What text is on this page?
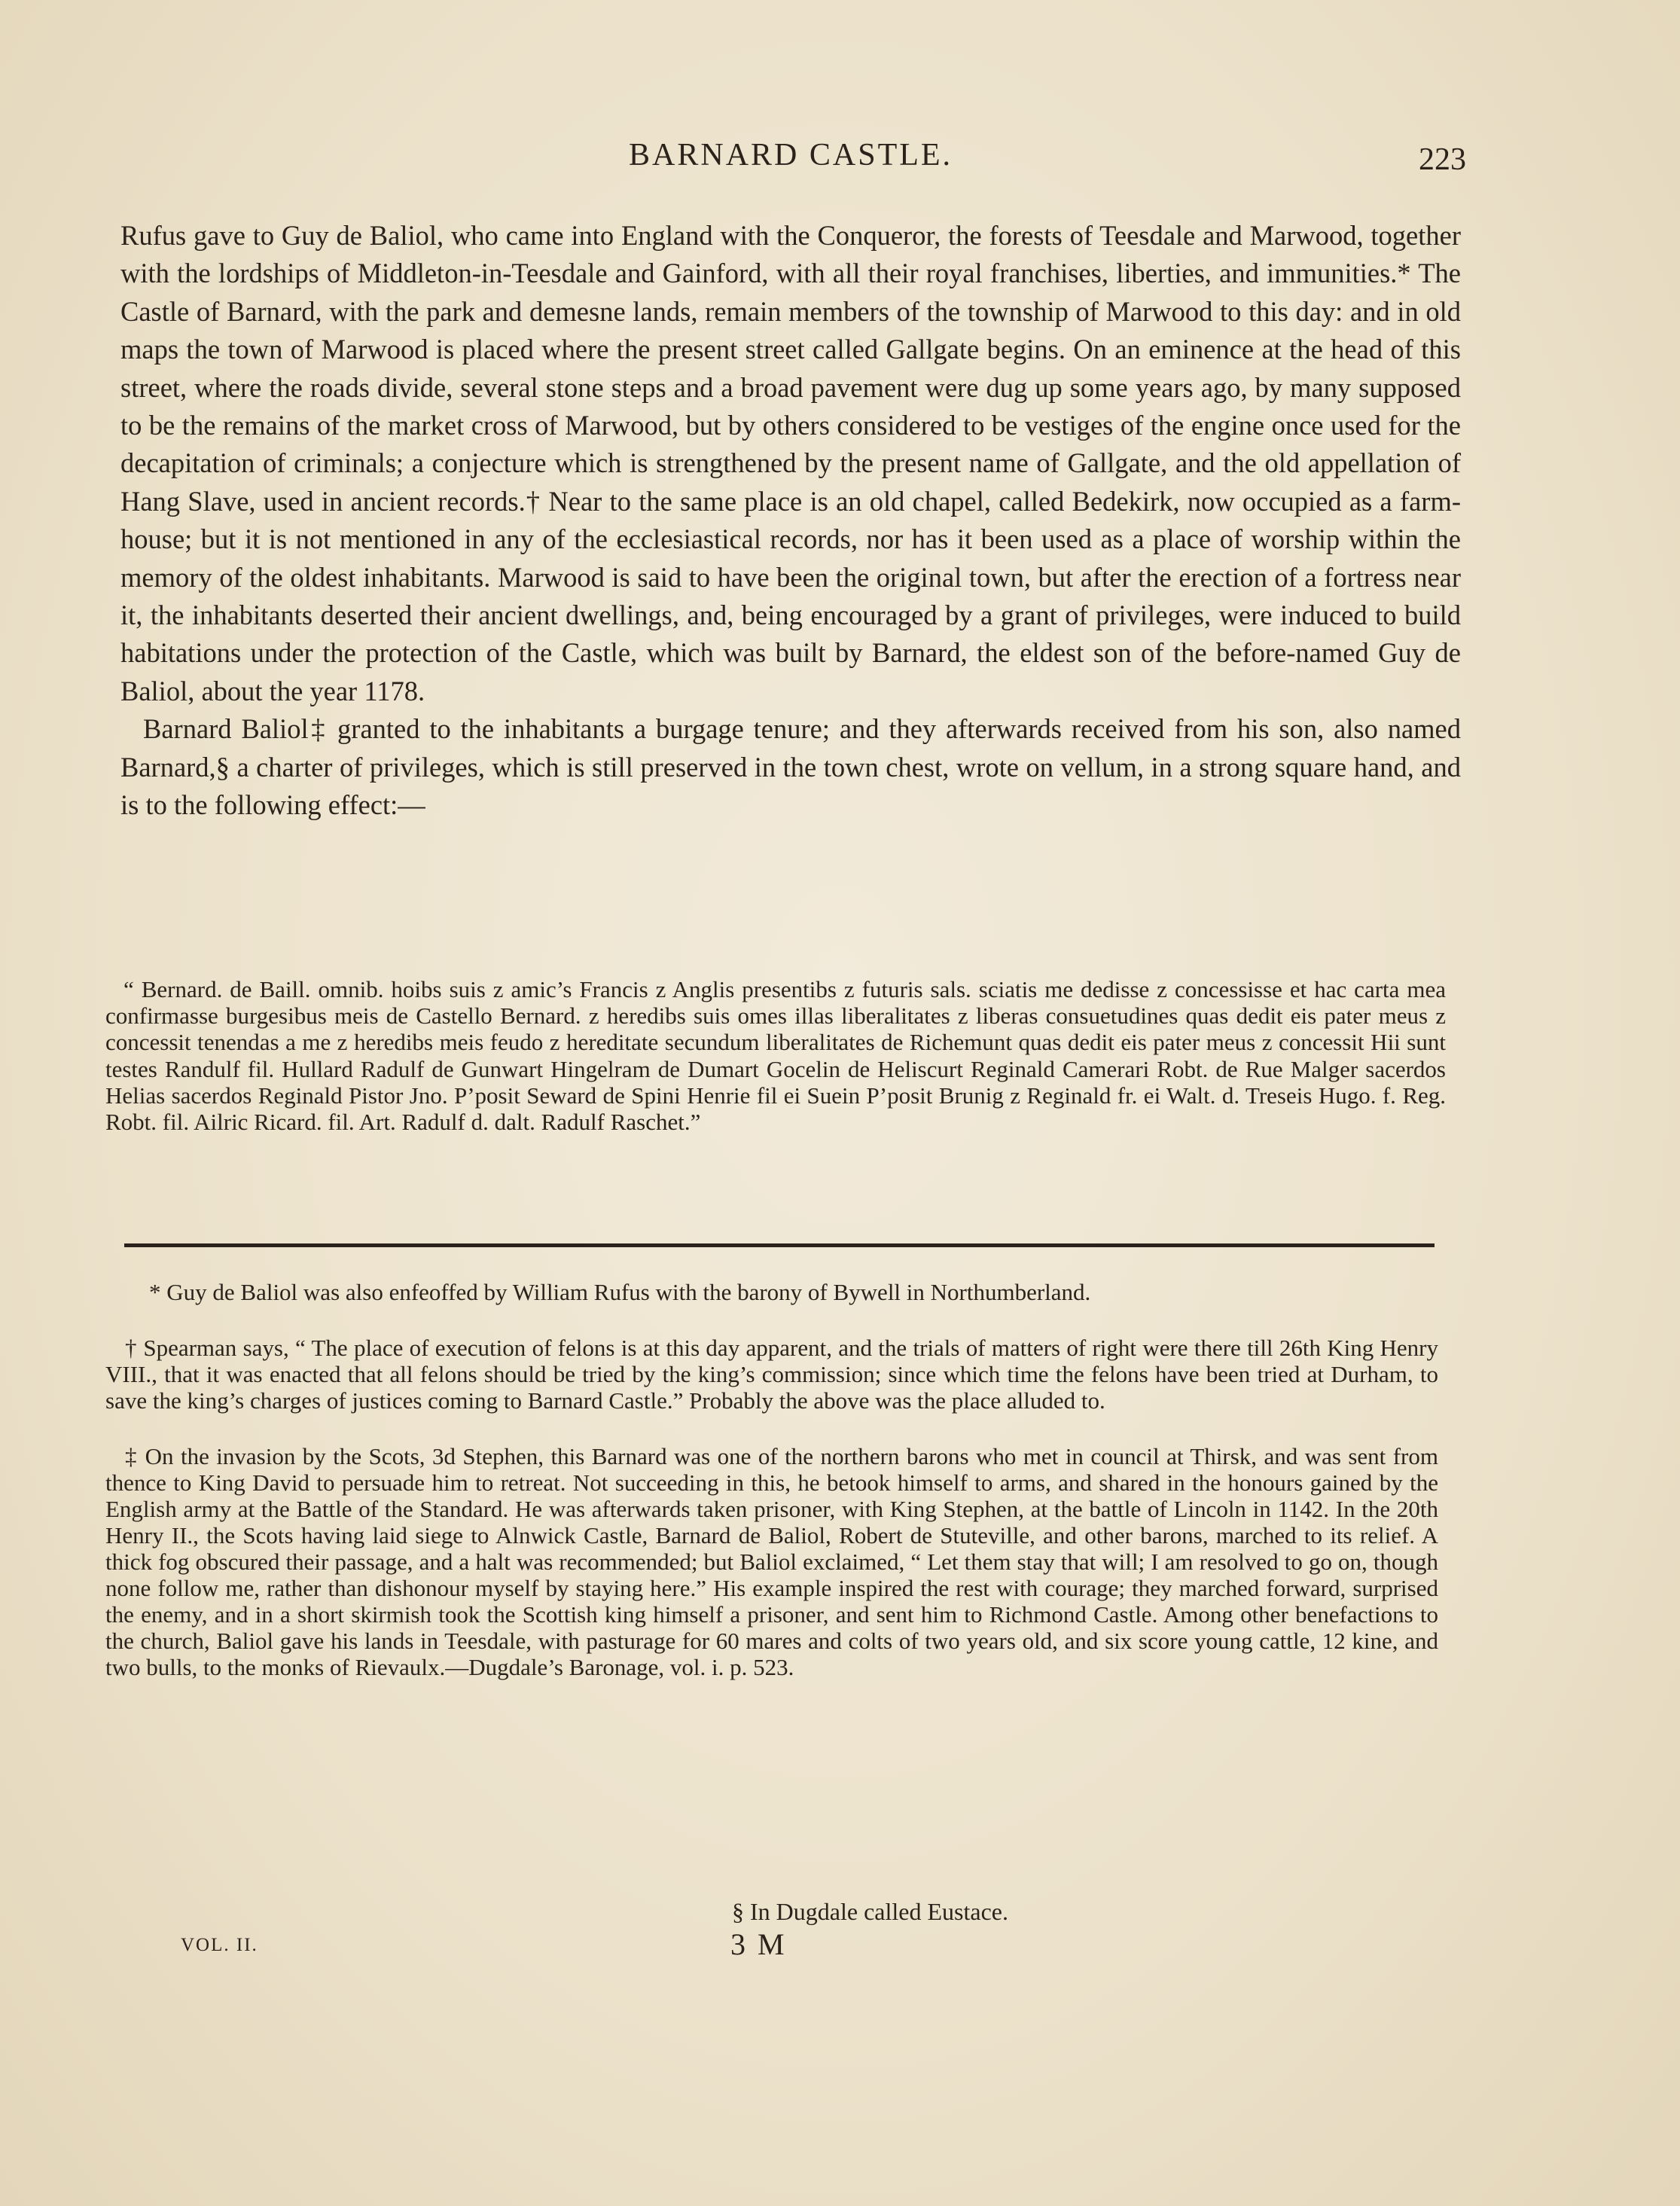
BARNARD CASTLE.	223

Rufus gave to Guy de Baliol, who came into England with the Conqueror, the forests of Teesdale and Marwood, together with the lordships of Middleton-in-Teesdale and Gainford, with all their royal franchises, liberties, and immunities.* The Castle of Barnard, with the park and demesne lands, remain members of the township of Marwood to this day: and in old maps the town of Marwood is placed where the present street called Gallgate begins. On an eminence at the head of this street, where the roads divide, several stone steps and a broad pavement were dug up some years ago, by many supposed to be the remains of the market cross of Marwood, but by others considered to be vestiges of the engine once used for the decapitation of criminals; a conjecture which is strengthened by the present name of Gallgate, and the old appellation of Hang Slave, used in ancient records.† Near to the same place is an old chapel, called Bedekirk, now occupied as a farm-house; but it is not mentioned in any of the ecclesiastical records, nor has it been used as a place of worship within the memory of the oldest inhabitants. Marwood is said to have been the original town, but after the erection of a fortress near it, the inhabitants deserted their ancient dwellings, and, being encouraged by a grant of privileges, were induced to build habitations under the protection of the Castle, which was built by Barnard, the eldest son of the before-named Guy de Baliol, about the year 1178.

Barnard Baliol‡ granted to the inhabitants a burgage tenure; and they afterwards received from his son, also named Barnard,§ a charter of privileges, which is still preserved in the town chest, wrote on vellum, in a strong square hand, and is to the following effect:—

“ Bernard. de Baill. omnib. hoibs suis z amic’s Francis z Anglis presentibs z futuris sals. sciatis me dedisse z concessisse et hac carta mea confirmasse burgesibus meis de Castello Bernard. z heredibs suis omes illas liberalitates z liberas consuetudines quas dedit eis pater meus z concessit tenendas a me z heredibs meis feudo z hereditate secundum liberalitates de Richemunt quas dedit eis pater meus z concessit Hii sunt testes Randulf fil. Hullard Radulf de Gunwart Hingelram de Dumart Gocelin de Heliscurt Reginald Camerari Robt. de Rue Malger sacerdos Helias sacerdos Reginald Pistor Jno. P’posit Seward de Spini Henrie fil ei Suein P’posit Brunig z Reginald fr. ei Walt. d. Treseis Hugo. f. Reg. Robt. fil. Ailric Ricard. fil. Art. Radulf d. dalt. Radulf Raschet.”

* Guy de Baliol was also enfeoffed by William Rufus with the barony of Bywell in Northumberland.

† Spearman says, “ The place of execution of felons is at this day apparent, and the trials of matters of right were there till 26th King Henry VIII., that it was enacted that all felons should be tried by the king’s commission; since which time the felons have been tried at Durham, to save the king’s charges of justices coming to Barnard Castle.” Probably the above was the place alluded to.

‡ On the invasion by the Scots, 3d Stephen, this Barnard was one of the northern barons who met in council at Thirsk, and was sent from thence to King David to persuade him to retreat. Not succeeding in this, he betook himself to arms, and shared in the honours gained by the English army at the Battle of the Standard. He was afterwards taken prisoner, with King Stephen, at the battle of Lincoln in 1142. In the 20th Henry II., the Scots having laid siege to Alnwick Castle, Barnard de Baliol, Robert de Stuteville, and other barons, marched to its relief. A thick fog obscured their passage, and a halt was recommended; but Baliol exclaimed, “ Let them stay that will; I am resolved to go on, though none follow me, rather than dishonour myself by staying here.” His example inspired the rest with courage; they marched forward, surprised the enemy, and in a short skirmish took the Scottish king himself a prisoner, and sent him to Richmond Castle. Among other benefactions to the church, Baliol gave his lands in Teesdale, with pasturage for 60 mares and colts of two years old, and six score young cattle, 12 kine, and two bulls, to the monks of Rievaulx.—Dugdale’s Baronage, vol. i. p. 523.

§ In Dugdale called Eustace.
VOL. II.	3 M
